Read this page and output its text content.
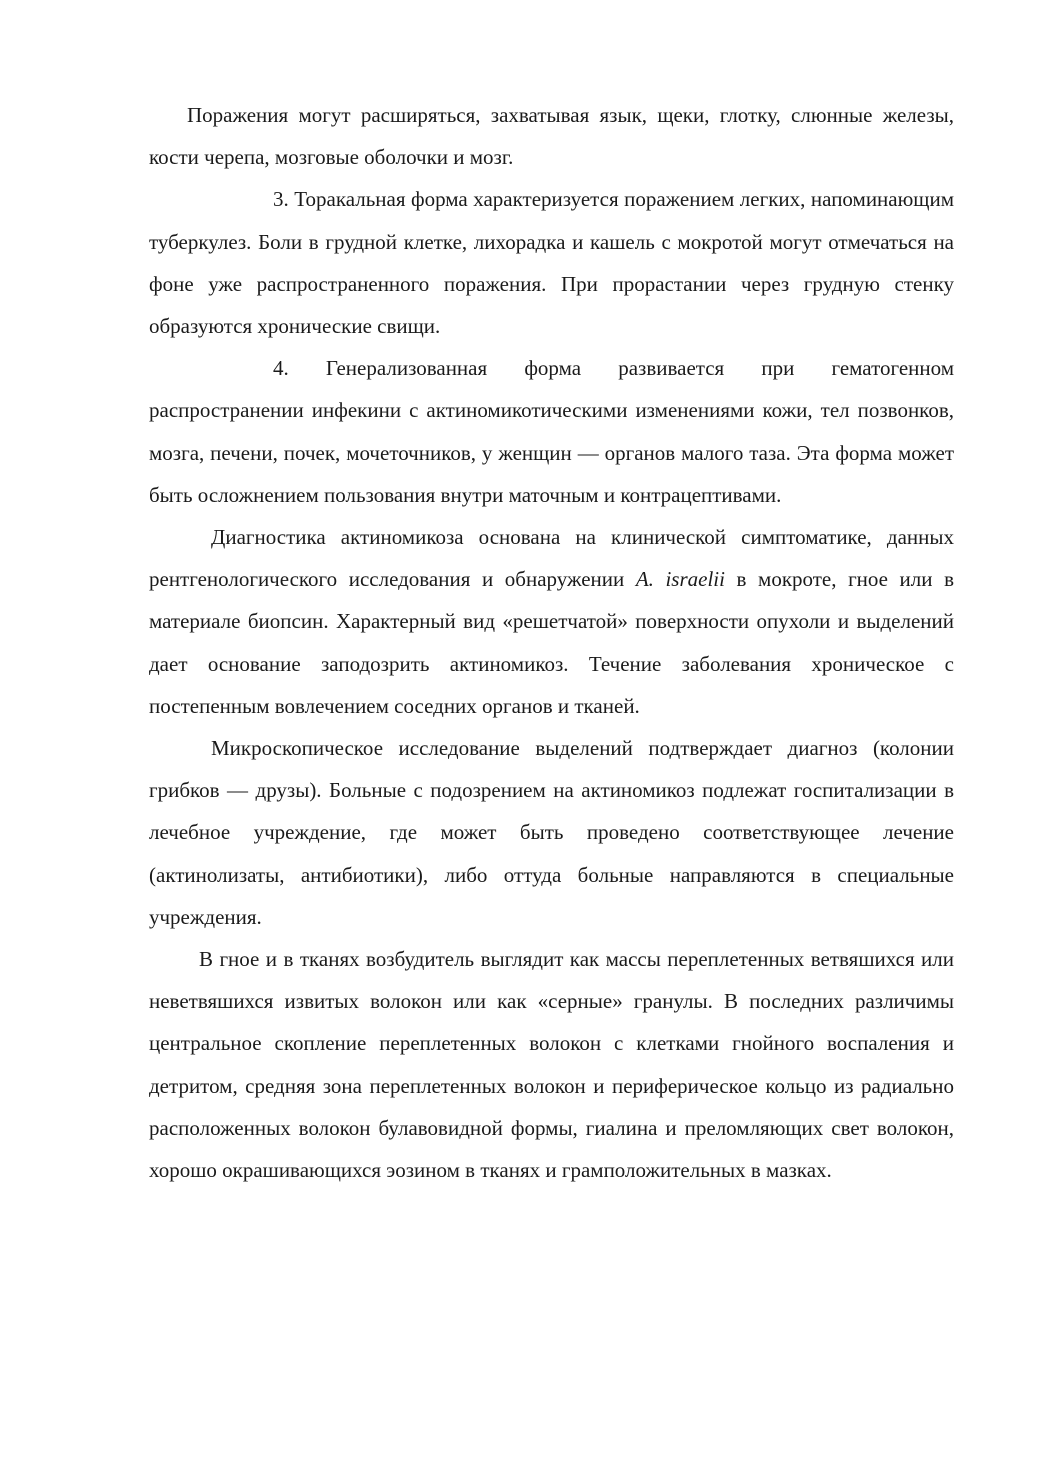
Поражения могут расширяться, захватывая язык, щеки, глотку, слюнные железы, кости черепа, мозговые оболочки и мозг.

3. Торакальная форма характеризуется поражением легких, напоминающим туберкулез. Боли в грудной клетке, лихорадка и кашель с мокротой могут отмечаться на фоне уже распространенного поражения. При прорастании через грудную стенку образуются хронические свищи.

4. Генерализованная форма развивается при гематогенном распространении инфекини с актиномикотическими изменениями кожи, тел позвонков, мозга, печени, почек, мочеточников, у женщин — органов малого таза. Эта форма может быть осложнением пользования внутри маточным и контрацептивами.

Диагностика актиномикоза основана на клинической симптоматике, данных рентгенологического исследования и обнаружении A. israelii в мокроте, гное или в материале биопсин. Характерный вид «решетчатой» поверхности опухоли и выделений дает основание заподозрить актиномикоз. Течение заболевания хроническое с постепенным вовлечением соседних органов и тканей.

Микроскопическое исследование выделений подтверждает диагноз (колонии грибков — друзы). Больные с подозрением на актиномикоз подлежат госпитализации в лечебное учреждение, где может быть проведено соответствующее лечение (актинолизаты, антибиотики), либо оттуда больные направляются в специальные учреждения.

В гное и в тканях возбудитель выглядит как массы переплетенных ветвяшихся или неветвяшихся извитых волокон или как «серные» гранулы. В последних различимы центральное скопление переплетенных волокон с клетками гнойного воспаления и детритом, средняя зона переплетенных волокон и периферическое кольцо из радиально расположенных волокон булавовидной формы, гиалина и преломляющих свет волокон, хорошо окрашивающихся эозином в тканях и грамположительных в мазках.
